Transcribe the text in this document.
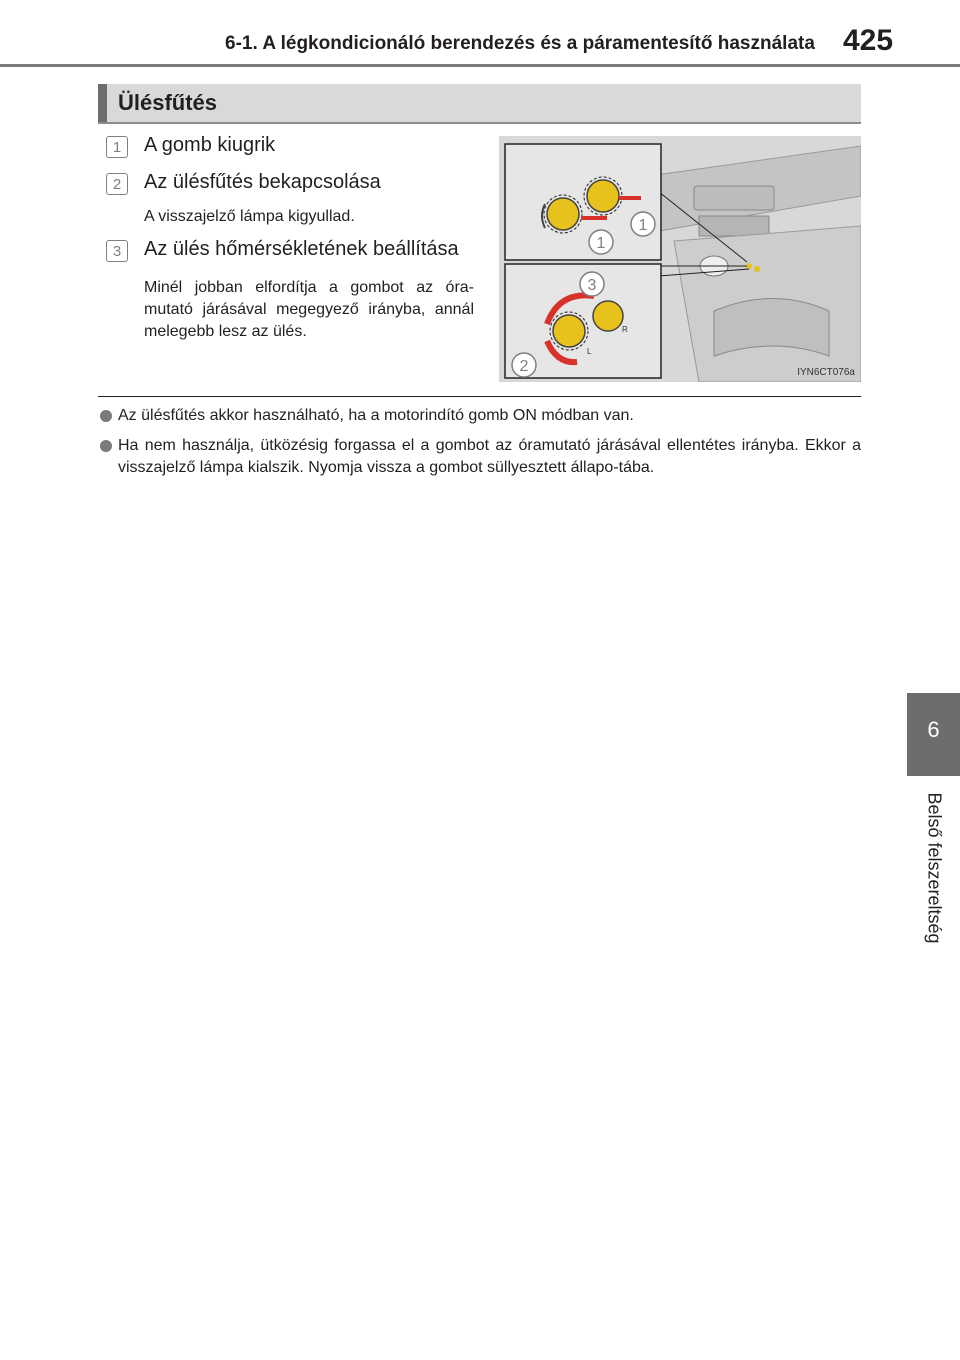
6-1. A légkondicionáló berendezés és a páramentesítő használata 425
Ülésfűtés
1	A gomb kiugrik
2	Az ülésfűtés bekapcsolása
A visszajelző lámpa kigyullad.
3	Az ülés hőmérsékletének beállítása
Minél jobban elfordítja a gombot az óra-mutató járásával megegyező irányba, annál melegebb lesz az ülés.
1
1
3
2
L
R
IYN6CT076a
Az ülésfűtés akkor használható, ha a motorindító gomb ON módban van.
Ha nem használja, ütközésig forgassa el a gombot az óramutató járásával ellentétes irányba. Ekkor a visszajelző lámpa kialszik. Nyomja vissza a gombot süllyesztett állapo-tába.
6
Belső felszereltség
